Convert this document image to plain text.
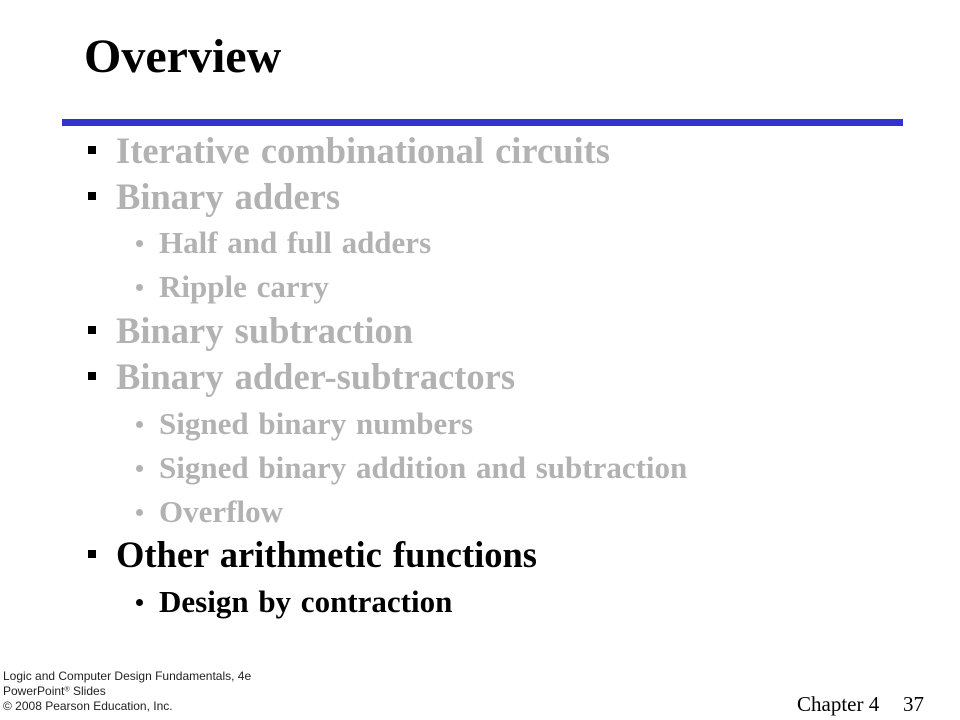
Overview
Iterative combinational circuits
Binary adders
Half and full adders
Ripple carry
Binary subtraction
Binary adder-subtractors
Signed binary numbers
Signed binary addition and subtraction
Overflow
Other arithmetic functions
Design by contraction
Logic and Computer Design Fundamentals, 4e
PowerPoint® Slides
© 2008 Pearson Education, Inc.	Chapter 4 37
